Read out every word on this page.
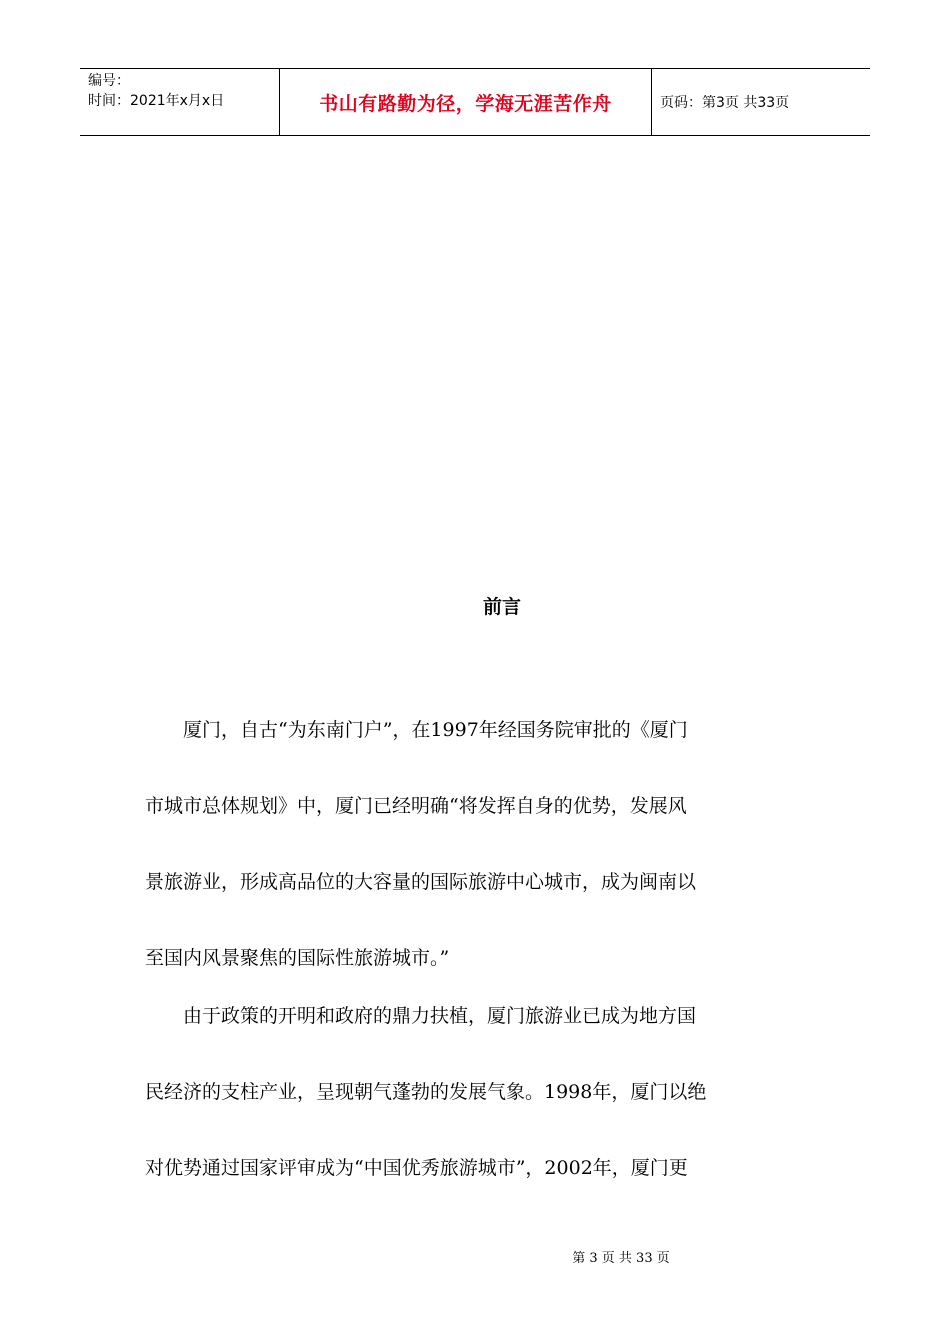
编号：
时间：2021年x月x日	书山有路勤为径，学海无涯苦作舟	页码：第3页 共33页
前言
　　厦门，自古“为东南门户”，在1997年经国务院审批的《厦门
市城市总体规划》中，厦门已经明确“将发挥自身的优势，发展风
景旅游业，形成高品位的大容量的国际旅游中心城市，成为闽南以
至国内风景聚焦的国际性旅游城市。”
　　由于政策的开明和政府的鼎力扶植，厦门旅游业已成为地方国
民经济的支柱产业，呈现朝气蓬勃的发展气象。1998年，厦门以绝
对优势通过国家评审成为“中国优秀旅游城市”，2002年，厦门更
第 3 页 共 33 页
